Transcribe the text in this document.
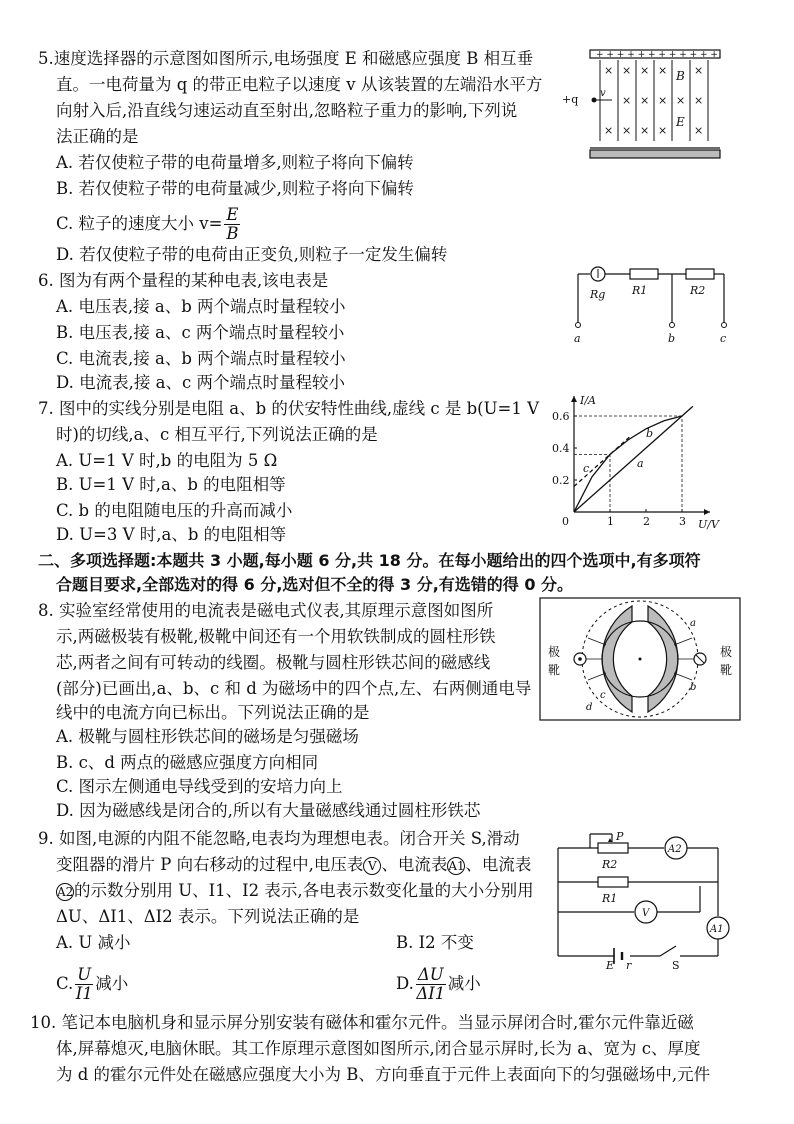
5.速度选择器的示意图如图所示,电场强度 E 和磁感应强度 B 相互垂
直。一电荷量为 q 的带正电粒子以速度 v 从该装置的左端沿水平方
向射入后,沿直线匀速运动直至射出,忽略粒子重力的影响,下列说
法正确的是
A. 若仅使粒子带的电荷量增多,则粒子将向下偏转
B. 若仅使粒子带的电荷量减少,则粒子将向下偏转
C. 粒子的速度大小 $v= \frac{E}{B}$
D. 若仅使粒子带的电荷由正变负,则粒子一定发生偏转
+ + + + + + + + + + + +
× × × × ×
× × × × ×
× × × × ×
+q v
B
E
6. 图为有两个量程的某种电表,该电表是
A. 电压表,接 a、b 两个端点时量程较小
B. 电压表,接 a、c 两个端点时量程较小
C. 电流表,接 a、b 两个端点时量程较小
D. 电流表,接 a、c 两个端点时量程较小
Rg R1	R2
a	b	c
7. 图中的实线分别是电阻 a、b 的伏安特性曲线,虚线 c 是 b(U=1 V
时)的切线,a、c 相互平行,下列说法正确的是
A. U=1 V 时,b 的电阻为 5 Ω
B. U=1 V 时,a、b 的电阻相等
C. b 的电阻随电压的升高而减小
D. U=3 V 时,a、b 的电阻相等
1	2	3
0.2
0.4
0.6
0	U/V
I/A
a
b
c
二、多项选择题:本题共 3 小题,每小题 6 分,共 18 分。在每小题给出的四个选项中,有多项符
合题目要求,全部选对的得 6 分,选对但不全的得 3 分,有选错的得 0 分。
8. 实验室经常使用的电流表是磁电式仪表,其原理示意图如图所
示,两磁极装有极靴,极靴中间还有一个用软铁制成的圆柱形铁
芯,两者之间有可转动的线圈。极靴与圆柱形铁芯间的磁感线
(部分)已画出,a、b、c 和 d 为磁场中的四个点,左、右两侧通电导
线中的电流方向已标出。下列说法正确的是
A. 极靴与圆柱形铁芯间的磁场是匀强磁场
B. c、d 两点的磁感应强度方向相同
C. 图示左侧通电导线受到的安培力向上
D. 因为磁感线是闭合的,所以有大量磁感线通过圆柱形铁芯
极
靴
极
靴
a
b
c
d
9. 如图,电源的内阻不能忽略,电表均为理想电表。闭合开关 S,滑动
变阻器的滑片 P 向右移动的过程中,电压表 V 、电流表A1、电流表
A2的示数分别用 U、I1、I2 表示,各电表示数变化量的大小分别用
ΔU、ΔI1、ΔI2 表示。下列说法正确的是
A. U 减小	B. I2 不变
C. $\frac{U}{I1}$ 减小	D. $\frac{\Delta U}{\Delta I1}$ 减小
P
R2
R1
A2
V
A1
E r	S
10. 笔记本电脑机身和显示屏分别安装有磁体和霍尔元件。当显示屏闭合时,霍尔元件靠近磁
体,屏幕熄灭,电脑休眠。其工作原理示意图如图所示,闭合显示屏时,长为 a、宽为 c、厚度
为 d 的霍尔元件处在磁感应强度大小为 B、方向垂直于元件上表面向下的匀强磁场中,元件
